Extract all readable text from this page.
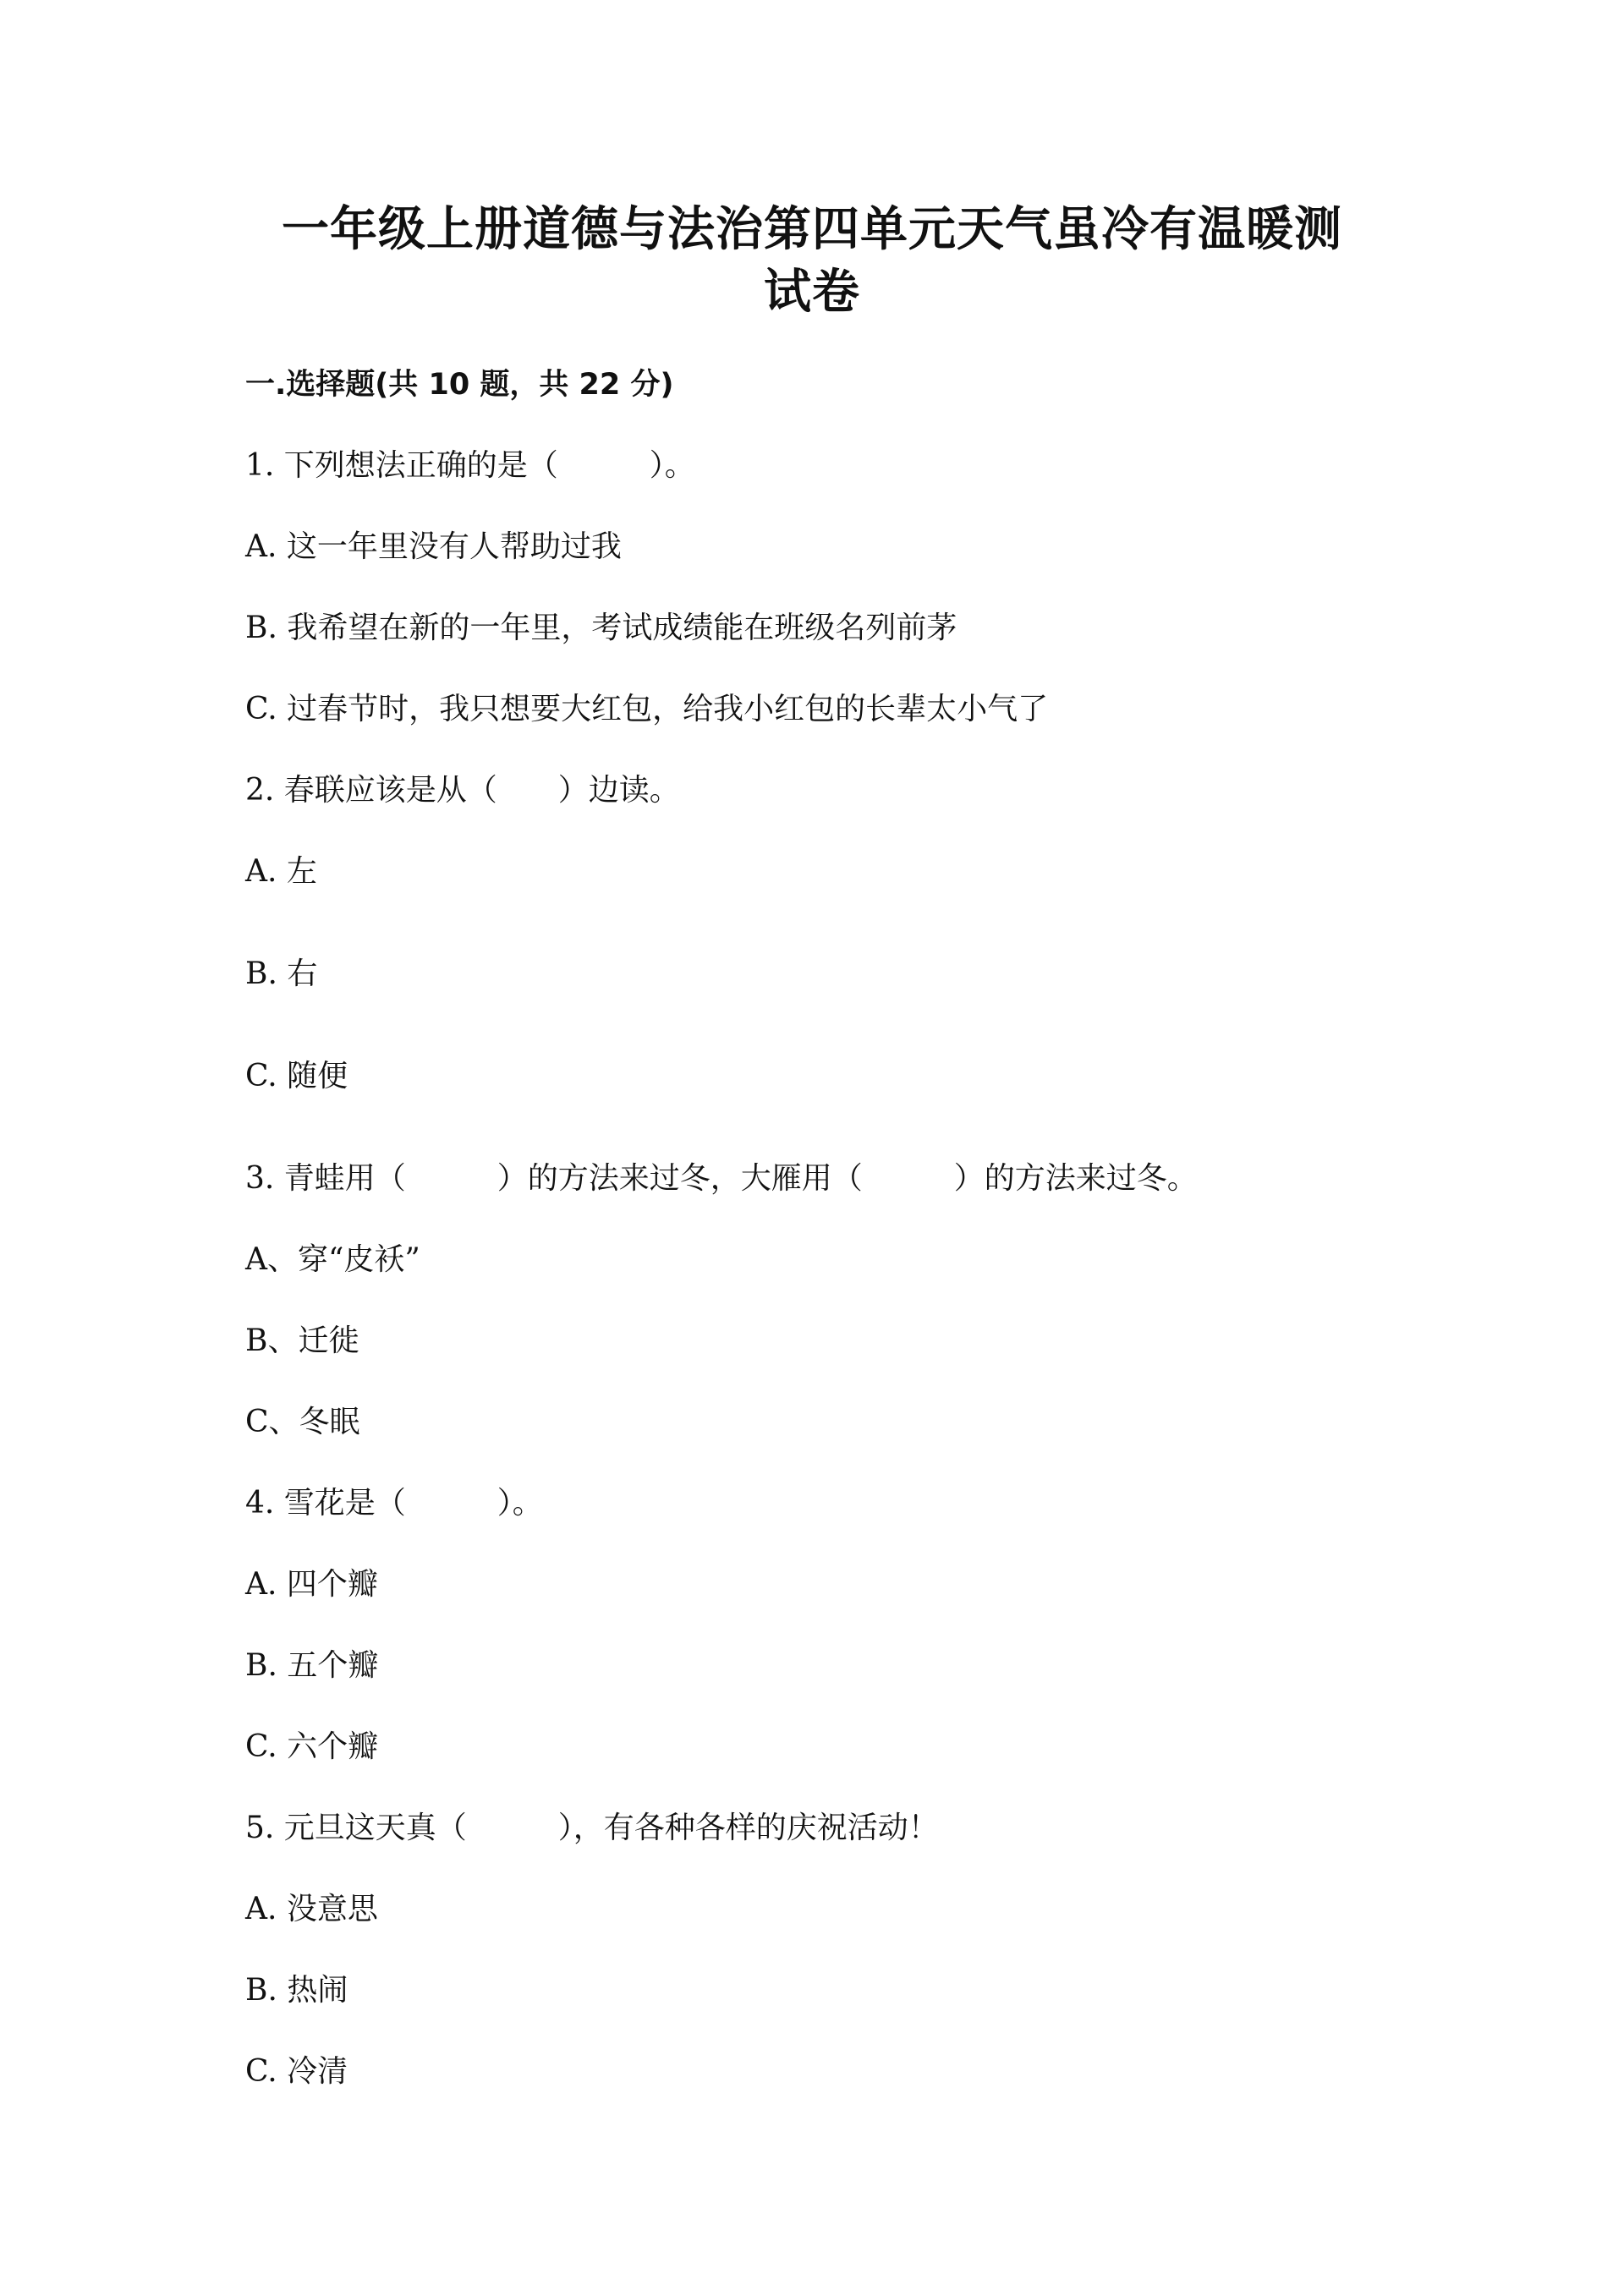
一年级上册道德与法治第四单元天气虽冷有温暖测
试卷
一.选择题(共 10 题，共 22 分)
1. 下列想法正确的是（　　　）。
A. 这一年里没有人帮助过我
B. 我希望在新的一年里，考试成绩能在班级名列前茅
C. 过春节时，我只想要大红包，给我小红包的长辈太小气了
2. 春联应该是从（　　）边读。
A. 左
B. 右
C. 随便
3. 青蛙用（　　　）的方法来过冬，大雁用（　　　）的方法来过冬。
A、穿“皮袄”
B、迁徙
C、冬眠
4. 雪花是（　　　）。
A. 四个瓣
B. 五个瓣
C. 六个瓣
5. 元旦这天真（　　　），有各种各样的庆祝活动！
A. 没意思
B. 热闹
C. 冷清
